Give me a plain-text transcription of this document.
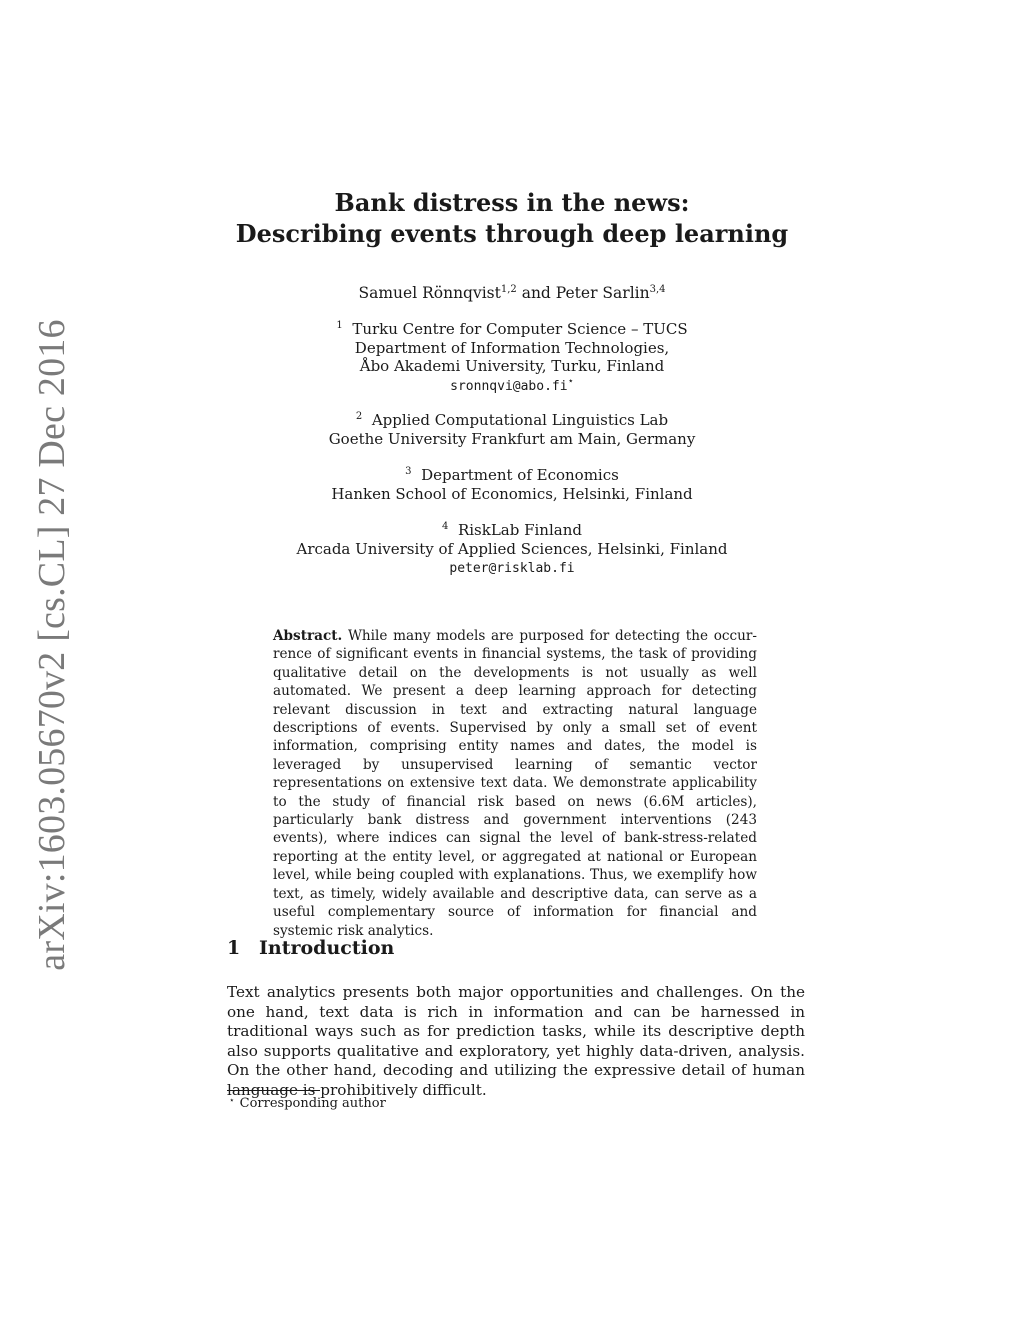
arXiv:1603.05670v2 [cs.CL] 27 Dec 2016
Bank distress in the news:
Describing events through deep learning
Samuel Rönnqvist$^{1,2}$ and Peter Sarlin$^{3,4}$
$^1$ Turku Centre for Computer Science – TUCS
Department of Information Technologies,
Åbo Akademi University, Turku, Finland
sronnqvi@abo.fi⋆
$^2$ Applied Computational Linguistics Lab
Goethe University Frankfurt am Main, Germany
$^3$ Department of Economics
Hanken School of Economics, Helsinki, Finland
$^4$ RiskLab Finland
Arcada University of Applied Sciences, Helsinki, Finland
peter@risklab.fi
Abstract. While many models are purposed for detecting the occurrence of significant events in financial systems, the task of providing qualitative detail on the developments is not usually as well automated. We present a deep learning approach for detecting relevant discussion in text and extracting natural language descriptions of events. Supervised by only a small set of event information, comprising entity names and dates, the model is leveraged by unsupervised learning of semantic vector representations on extensive text data. We demonstrate applicability to the study of financial risk based on news (6.6M articles), particularly bank distress and government interventions (243 events), where indices can signal the level of bank-stress-related reporting at the entity level, or aggregated at national or European level, while being coupled with explanations. Thus, we exemplify how text, as timely, widely available and descriptive data, can serve as a useful complementary source of information for financial and systemic risk analytics.
1 Introduction
Text analytics presents both major opportunities and challenges. On the one hand, text data is rich in information and can be harnessed in traditional ways such as for prediction tasks, while its descriptive depth also supports qualitative and exploratory, yet highly data-driven, analysis. On the other hand, decoding and utilizing the expressive detail of human language is prohibitively difficult.
⋆ Corresponding author
